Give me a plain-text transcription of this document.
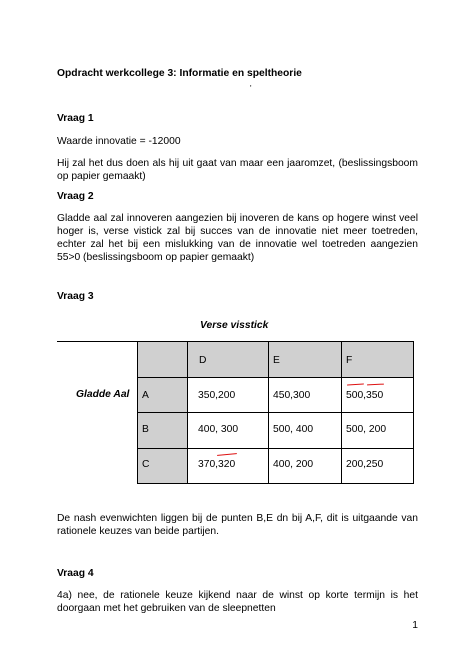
Opdracht werkcollege 3: Informatie en speltheorie
'
Vraag 1
Waarde innovatie = -12000
Hij zal het dus doen als hij uit gaat van maar een jaaromzet, (beslissingsboom op papier gemaakt)
Vraag 2
Gladde aal zal innoveren aangezien bij inoveren de kans op hogere winst veel hoger is, verse vistick zal bij succes van de innovatie niet meer toetreden, echter zal het bij een mislukking van de innovatie wel toetreden aangezien 55>0 (beslissingsboom op papier gemaakt)
Vraag 3
Verse visstick
Gladde Aal
D	E	F
A	350,200	450,300	500,350
B	400, 300	500, 400	500, 200
C	370,320	400, 200	200,250
De nash evenwichten liggen bij de punten B,E dn bij A,F, dit is uitgaande van rationele keuzes van beide partijen.
Vraag 4
4a) nee, de rationele keuze kijkend naar de winst op korte termijn is het doorgaan met het gebruiken van de sleepnetten
1
